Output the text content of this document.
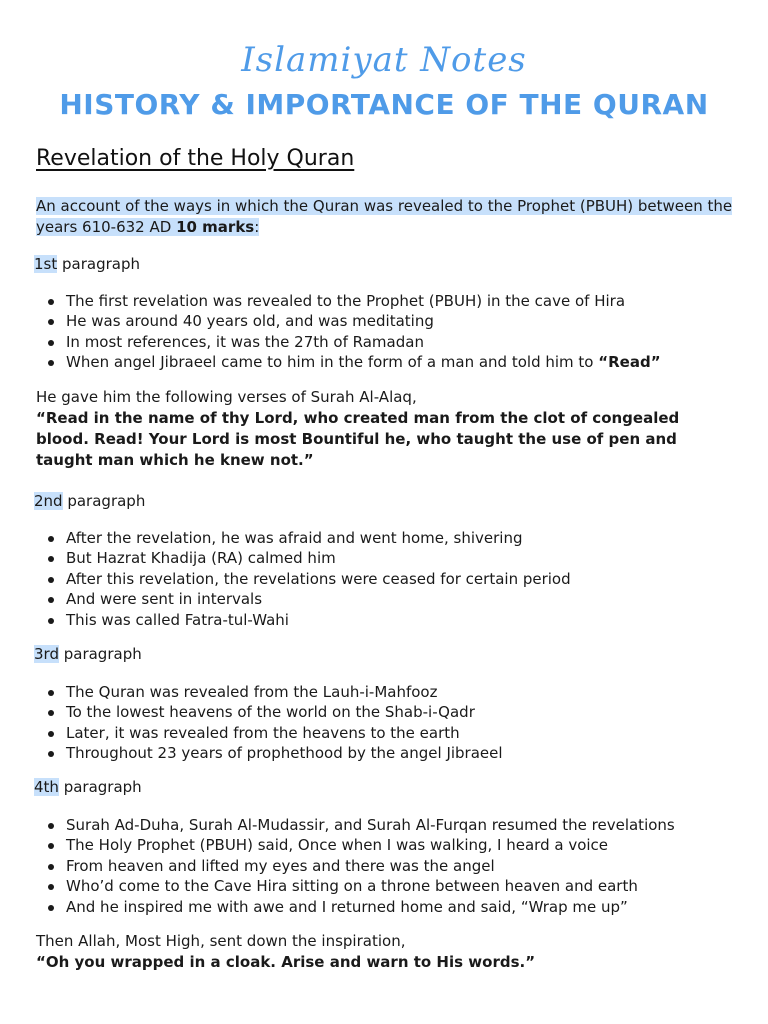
Islamiyat Notes
HISTORY & IMPORTANCE OF THE QURAN
Revelation of the Holy Quran
An account of the ways in which the Quran was revealed to the Prophet (PBUH) between the years 610-632 AD 10 marks:
1st paragraph
The first revelation was revealed to the Prophet (PBUH) in the cave of Hira
He was around 40 years old, and was meditating
In most references, it was the 27th of Ramadan
When angel Jibraeel came to him in the form of a man and told him to “Read”
He gave him the following verses of Surah Al-Alaq,
“Read in the name of thy Lord, who created man from the clot of congealed blood. Read! Your Lord is most Bountiful he, who taught the use of pen and taught man which he knew not.”
2nd paragraph
After the revelation, he was afraid and went home, shivering
But Hazrat Khadija (RA) calmed him
After this revelation, the revelations were ceased for certain period
And were sent in intervals
This was called Fatra-tul-Wahi
3rd paragraph
The Quran was revealed from the Lauh-i-Mahfooz
To the lowest heavens of the world on the Shab-i-Qadr
Later, it was revealed from the heavens to the earth
Throughout 23 years of prophethood by the angel Jibraeel
4th paragraph
Surah Ad-Duha, Surah Al-Mudassir, and Surah Al-Furqan resumed the revelations
The Holy Prophet (PBUH) said, Once when I was walking, I heard a voice
From heaven and lifted my eyes and there was the angel
Who’d come to the Cave Hira sitting on a throne between heaven and earth
And he inspired me with awe and I returned home and said, “Wrap me up”
Then Allah, Most High, sent down the inspiration,
“Oh you wrapped in a cloak. Arise and warn to His words.”
